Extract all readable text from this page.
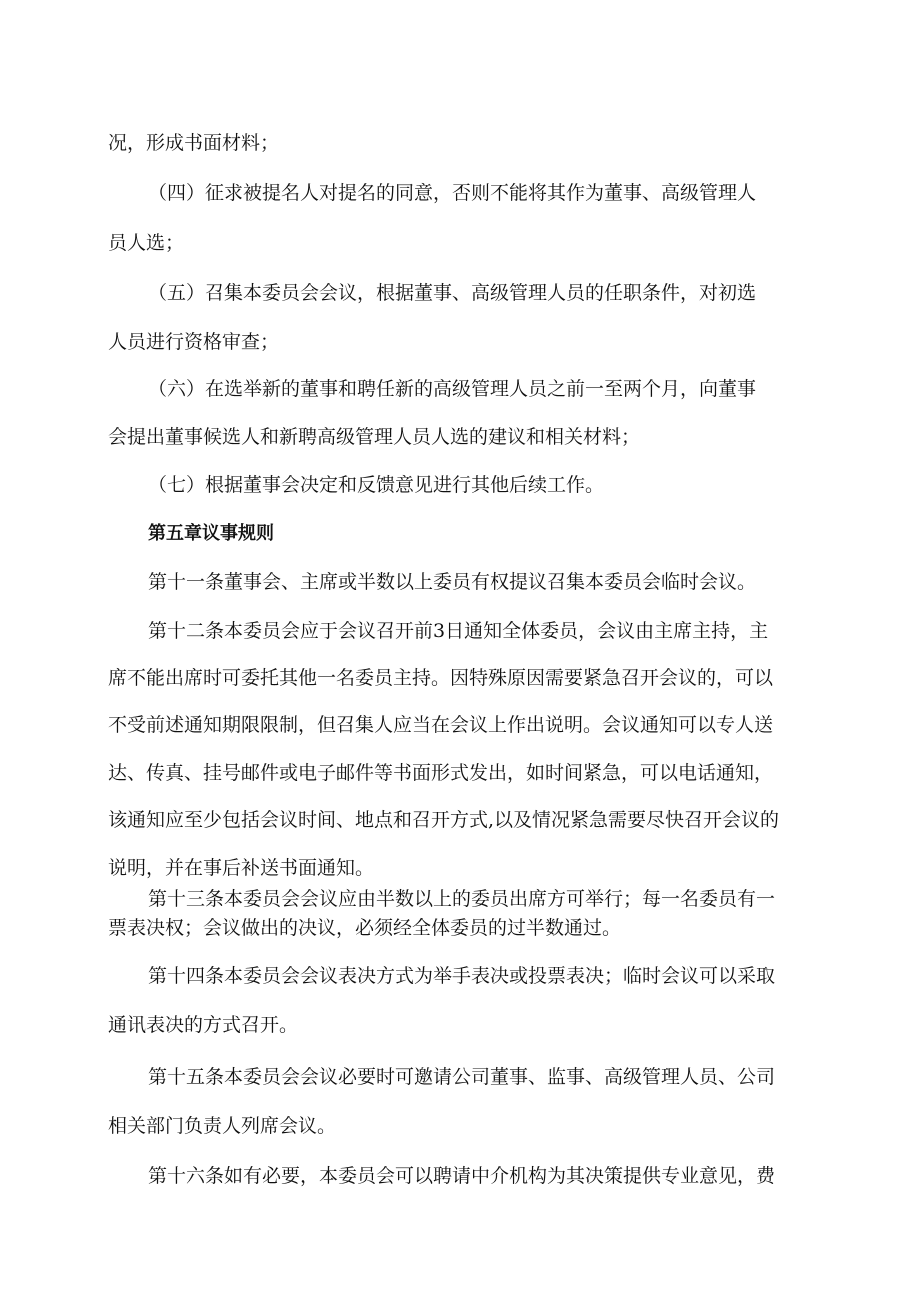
况，形成书面材料；

（四）征求被提名人对提名的同意，否则不能将其作为董事、高级管理人

员人选；

（五）召集本委员会会议，根据董事、高级管理人员的任职条件，对初选

人员进行资格审查；

（六）在选举新的董事和聘任新的高级管理人员之前一至两个月，向董事

会提出董事候选人和新聘高级管理人员人选的建议和相关材料；

（七）根据董事会决定和反馈意见进行其他后续工作。

第五章议事规则

第十一条董事会、主席或半数以上委员有权提议召集本委员会临时会议。

第十二条本委员会应于会议召开前3日通知全体委员，会议由主席主持，主

席不能出席时可委托其他一名委员主持。因特殊原因需要紧急召开会议的，可以

不受前述通知期限限制，但召集人应当在会议上作出说明。会议通知可以专人送

达、传真、挂号邮件或电子邮件等书面形式发出，如时间紧急，可以电话通知，

该通知应至少包括会议时间、地点和召开方式,以及情况紧急需要尽快召开会议的

说明，并在事后补送书面通知。

第十三条本委员会会议应由半数以上的委员出席方可举行；每一名委员有一

票表决权；会议做出的决议，必须经全体委员的过半数通过。

第十四条本委员会会议表决方式为举手表决或投票表决；临时会议可以采取

通讯表决的方式召开。

第十五条本委员会会议必要时可邀请公司董事、监事、高级管理人员、公司

相关部门负责人列席会议。

第十六条如有必要，本委员会可以聘请中介机构为其决策提供专业意见，费
